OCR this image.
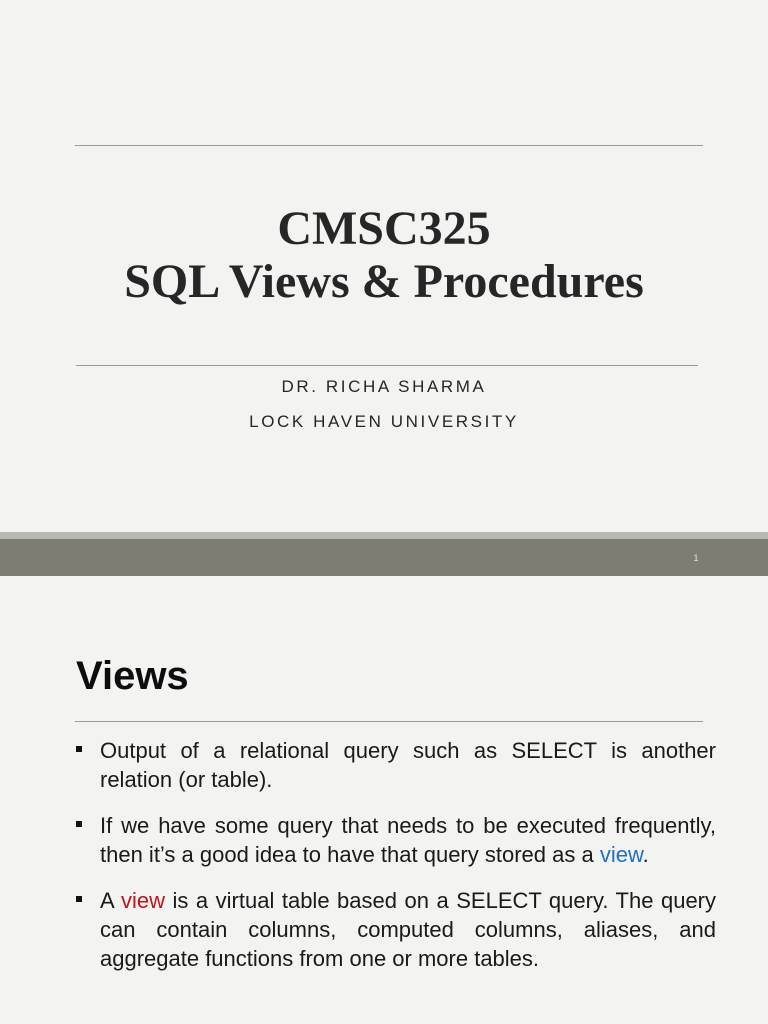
CMSC325
SQL Views & Procedures
DR. RICHA SHARMA
LOCK HAVEN UNIVERSITY
1
Views
Output of a relational query such as SELECT is another relation (or table).
If we have some query that needs to be executed frequently, then it’s a good idea to have that query stored as a view.
A view is a virtual table based on a SELECT query. The query can contain columns, computed columns, aliases, and aggregate functions from one or more tables.
